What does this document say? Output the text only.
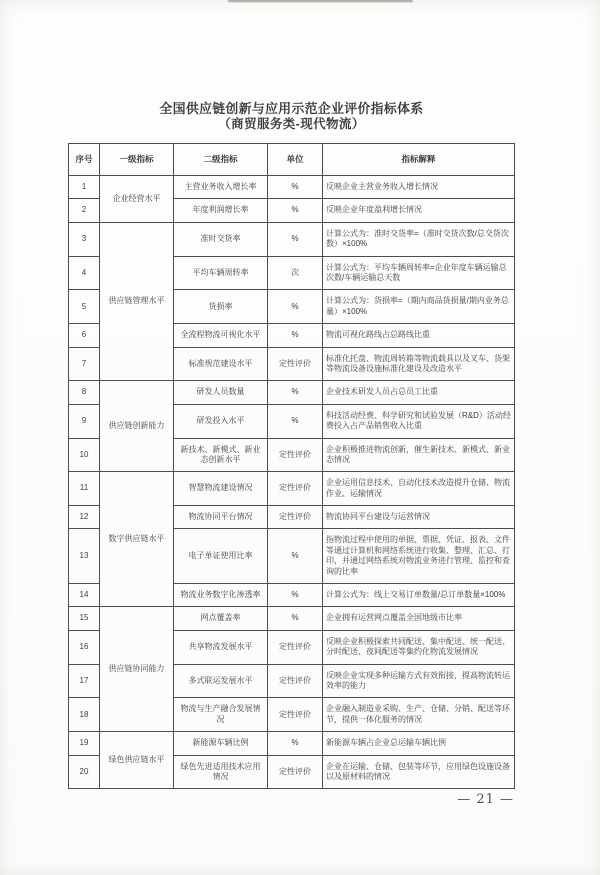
全国供应链创新与应用示范企业评价指标体系
（商贸服务类-现代物流）
序号	一级指标	二级指标	单位	指标解释
1	企业经营水平	主营业务收入增长率	%	反映企业主营业务收入增长情况
2		年度利润增长率	%	反映企业年度盈利增长情况
3	供应链管理水平	准时交货率	%	计算公式为：准时交货率=（准时交货次数/总交货次数）×100%
4		平均车辆周转率	次	计算公式为：平均车辆周转率=企业年度车辆运输总次数/车辆运输总天数
5		货损率	%	计算公式为：货损率=（期内商品货损量/期内业务总量）×100%
6		全流程物流可视化水平	%	物流可视化路线占总路线比重
7		标准规范建设水平	定性评价	标准化托盘、物流周转箱等物流载具以及叉车、货架等物流设备设施标准化建设及改造水平
8	供应链创新能力	研发人员数量	%	企业技术研发人员占总员工比重
9		研发投入水平	%	科技活动经费、科学研究和试验发展（R&D）活动经费投入占产品销售收入比重
10		新技术、新模式、新业态创新水平	定性评价	企业积极推进物流创新，催生新技术、新模式、新业态情况
11	数字供应链水平	智慧物流建设情况	定性评价	企业运用信息技术、自动化技术改造提升仓储、物流作业、运输情况
12		物流协同平台情况	定性评价	物流协同平台建设与运营情况
13		电子单证使用比率	%	指物流过程中使用的单据、票据、凭证、报表、文件等通过计算机和网络系统进行收集、整理、汇总、打印，并通过网络系统对物流业务进行管理、监控和查询的比率
14		物流业务数字化渗透率	%	计算公式为：线上交易订单数量/总订单数量×100%
15	供应链协同能力	网点覆盖率	%	企业拥有运营网点覆盖全国地级市比率
16		共享物流发展水平	定性评价	反映企业积极探索共同配送、集中配送、统一配送、分时配送、夜间配送等集约化物流发展情况
17		多式联运发展水平	定性评价	反映企业实现多种运输方式有效衔接，提高物流转运效率的能力
18		物流与生产融合发展情况	定性评价	企业融入制造业采购、生产、仓储、分销、配送等环节，提供一体化服务的情况
19	绿色供应链水平	新能源车辆比例	%	新能源车辆占企业总运输车辆比例
20		绿色先进适用技术应用情况	定性评价	企业在运输、仓储、包装等环节，应用绿色设施设备以及原材料的情况
— 21 —
